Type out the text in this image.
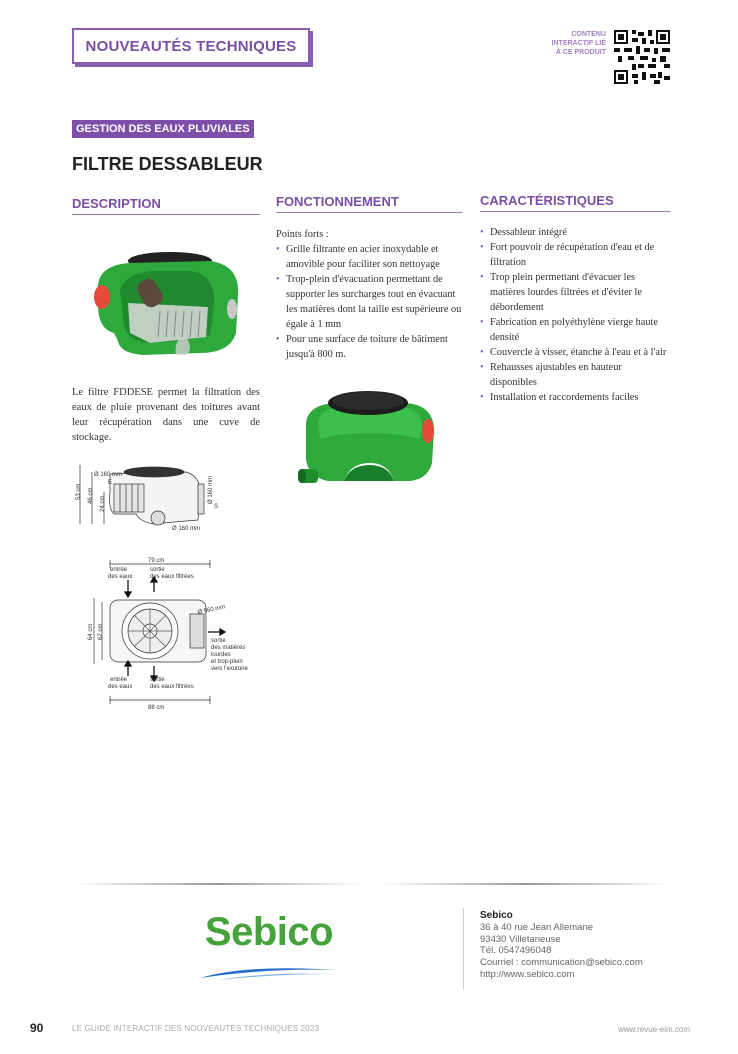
NOUVEAUTÉS TECHNIQUES
CONTENU
INTERACTIF LIÉ
À CE PRODUIT
GESTION DES EAUX PLUVIALES
FILTRE DESSABLEUR
DESCRIPTION	FONCTIONNEMENT	CARACTÉRISTIQUES
Le filtre FDDESE permet la filtration des eaux de pluie provenant des toitures avant leur récupération dans une cuve de stockage.
53 cm 46 cm 24 cm
Ø 160 mm
E	Ø 160 mm
S
Ø 160 mm
79 cm
88 cm
64 cm 62 cm
Ø 560 mm
entrée
des eaux
sortie
des eaux filtrées
entrée
des eaux
sortie
des eaux filtrées
sortie
des matières
lourdes
et trop-plein
vers l'exutoire
Points forts :
• Grille filtrante en acier inoxydable et amovible pour faciliter son nettoyage
• Trop-plein d'évacuation permettant de supporter les surcharges tout en évacuant les matières dont la taille est supérieure ou égale à 1 mm
• Pour une surface de toiture de bâtiment jusqu'à 800 m.
• Dessableur intégré
• Fort pouvoir de récupération d'eau et de filtration
• Trop plein permettant d'évacuer les matières lourdes filtrées et d'éviter le débordement
• Fabrication en polyéthylène vierge haute densité
• Couvercle à visser, étanche à l'eau et à l'air
• Rehausses ajustables en hauteur disponibles
• Installation et raccordements faciles
Sebico	Sebico
36 à 40 rue Jean Allemane
93430 Villetaneuse
Tél. 0547496048
Courriel : communication@sebico.com
http://www.sebico.com
90	LE GUIDE INTERACTIF DES NOUVEAUTÉS TECHNIQUES 2023	www.revue-eim.com
